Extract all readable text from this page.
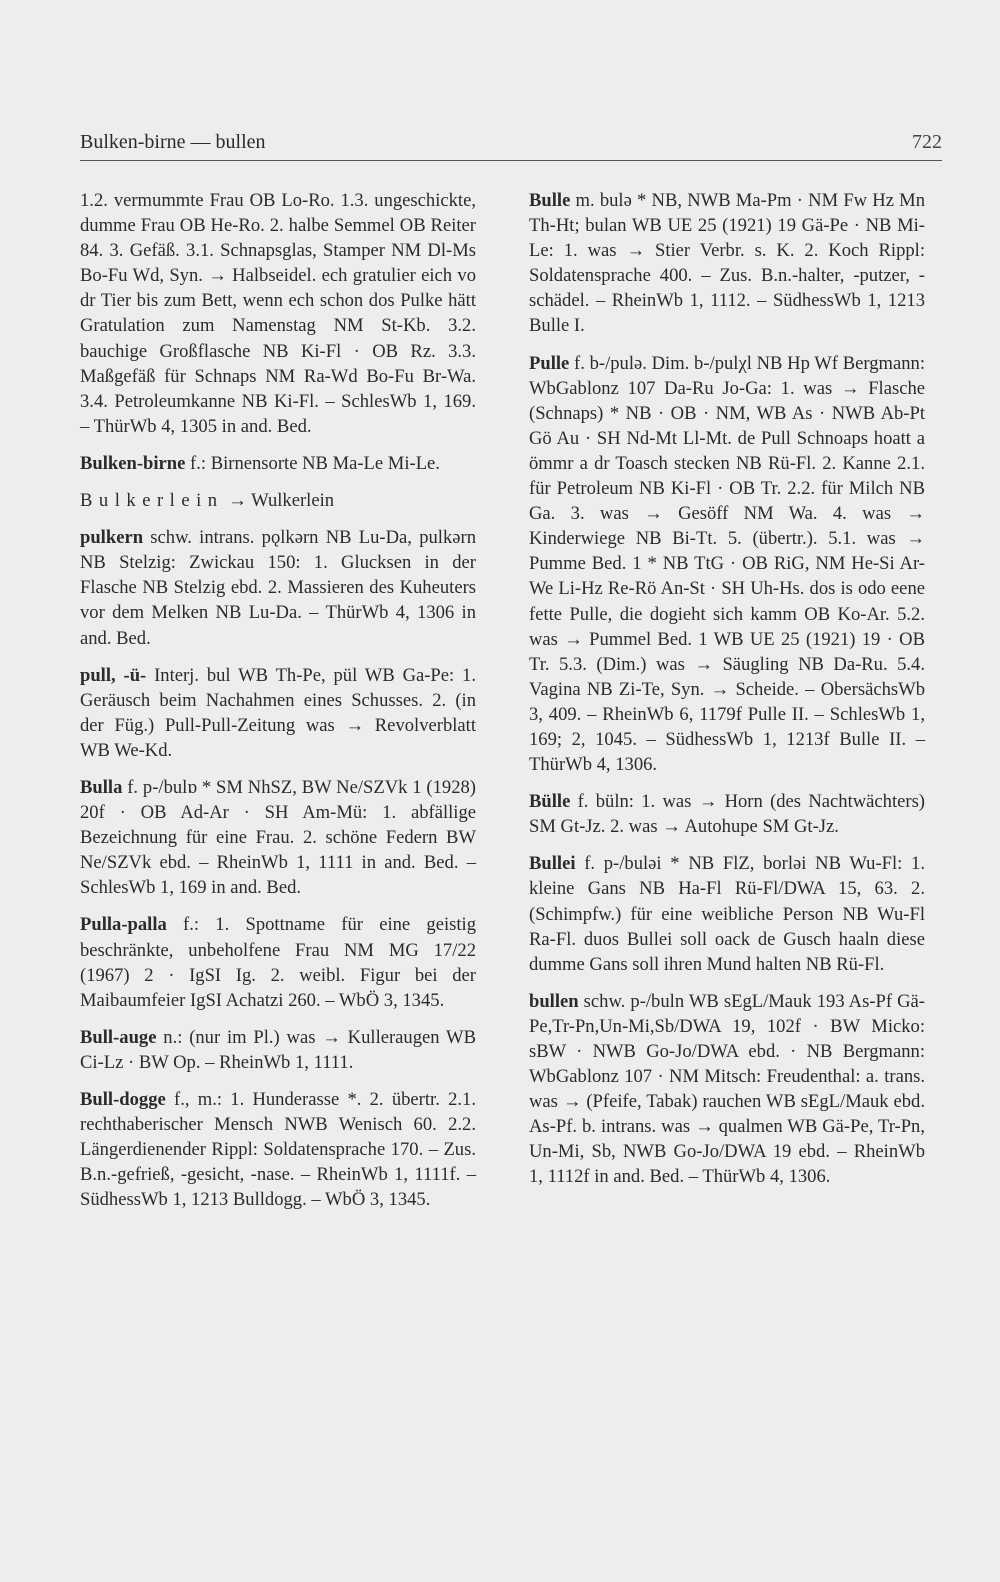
Bulken-birne — bullen	722

1.2. vermummte Frau OB Lo-Ro. 1.3. ungeschickte, dumme Frau OB He-Ro. 2. halbe Semmel OB Reiter 84. 3. Gefäß. 3.1. Schnapsglas, Stamper NM Dl-Ms Bo-Fu Wd, Syn. → Halbseidel. ech gratulier eich vo dr Tier bis zum Bett, wenn ech schon dos Pulke hätt Gratulation zum Namenstag NM St-Kb. 3.2. bauchige Großflasche NB Ki-Fl · OB Rz. 3.3. Maßgefäß für Schnaps NM Ra-Wd Bo-Fu Br-Wa. 3.4. Petroleumkanne NB Ki-Fl. – SchlesWb 1, 169. – ThürWb 4, 1305 in and. Bed.

Bulken-birne f.: Birnensorte NB Ma-Le Mi-Le.

Bulkerlein → Wulkerlein

pulkern schw. intrans. pǫlkərn NB Lu-Da, pulkərn NB Stelzig: Zwickau 150: 1. Glucksen in der Flasche NB Stelzig ebd. 2. Massieren des Kuheuters vor dem Melken NB Lu-Da. – ThürWb 4, 1306 in and. Bed.

pull, -ü- Interj. bul WB Th-Pe, pül WB Ga-Pe: 1. Geräusch beim Nachahmen eines Schusses. 2. (in der Füg.) Pull-Pull-Zeitung was → Revolverblatt WB We-Kd.

Bulla f. p-/bulɒ * SM NhSZ, BW Ne/SZVk 1 (1928) 20f · OB Ad-Ar · SH Am-Mü: 1. abfällige Bezeichnung für eine Frau. 2. schöne Federn BW Ne/SZVk ebd. – RheinWb 1, 1111 in and. Bed. – SchlesWb 1, 169 in and. Bed.

Pulla-palla f.: 1. Spottname für eine geistig beschränkte, unbeholfene Frau NM MG 17/22 (1967) 2 · IgSI Ig. 2. weibl. Figur bei der Maibaumfeier IgSI Achatzi 260. – WbÖ 3, 1345.

Bull-auge n.: (nur im Pl.) was → Kulleraugen WB Ci-Lz · BW Op. – RheinWb 1, 1111.

Bull-dogge f., m.: 1. Hunderasse *. 2. übertr. 2.1. rechthaberischer Mensch NWB Wenisch 60. 2.2. Längerdienender Rippl: Soldatensprache 170. – Zus. B.n.-gefrieß, -gesicht, -nase. – RheinWb 1, 1111f. – SüdhessWb 1, 1213 Bulldogg. – WbÖ 3, 1345.

Bulle m. bulə * NB, NWB Ma-Pm · NM Fw Hz Mn Th-Ht; bulan WB UE 25 (1921) 19 Gä-Pe · NB Mi-Le: 1. was → Stier Verbr. s. K. 2. Koch Rippl: Soldatensprache 400. – Zus. B.n.-halter, -putzer, -schädel. – RheinWb 1, 1112. – SüdhessWb 1, 1213 Bulle I.

Pulle f. b-/pulə. Dim. b-/pulχl NB Hp Wf Bergmann: WbGablonz 107 Da-Ru Jo-Ga: 1. was → Flasche (Schnaps) * NB · OB · NM, WB As · NWB Ab-Pt Gö Au · SH Nd-Mt Ll-Mt. de Pull Schnoaps hoatt a ömmr a dr Toasch stecken NB Rü-Fl. 2. Kanne 2.1. für Petroleum NB Ki-Fl · OB Tr. 2.2. für Milch NB Ga. 3. was → Gesöff NM Wa. 4. was → Kinderwiege NB Bi-Tt. 5. (übertr.). 5.1. was → Pumme Bed. 1 * NB TtG · OB RiG, NM He-Si Ar-We Li-Hz Re-Rö An-St · SH Uh-Hs. dos is odo eene fette Pulle, die dogieht sich kamm OB Ko-Ar. 5.2. was → Pummel Bed. 1 WB UE 25 (1921) 19 · OB Tr. 5.3. (Dim.) was → Säugling NB Da-Ru. 5.4. Vagina NB Zi-Te, Syn. → Scheide. – ObersächsWb 3, 409. – RheinWb 6, 1179f Pulle II. – SchlesWb 1, 169; 2, 1045. – SüdhessWb 1, 1213f Bulle II. – ThürWb 4, 1306.

Bülle f. büln: 1. was → Horn (des Nachtwächters) SM Gt-Jz. 2. was → Autohupe SM Gt-Jz.

Bullei f. p-/bulǝi * NB FlZ, borlǝi NB Wu-Fl: 1. kleine Gans NB Ha-Fl Rü-Fl/DWA 15, 63. 2. (Schimpfw.) für eine weibliche Person NB Wu-Fl Ra-Fl. duos Bullei soll oack de Gusch haaln diese dumme Gans soll ihren Mund halten NB Rü-Fl.

bullen schw. p-/buln WB sEgL/Mauk 193 As-Pf Gä-Pe,Tr-Pn,Un-Mi,Sb/DWA 19, 102f · BW Micko: sBW · NWB Go-Jo/DWA ebd. · NB Bergmann: WbGablonz 107 · NM Mitsch: Freudenthal: a. trans. was → (Pfeife, Tabak) rauchen WB sEgL/Mauk ebd. As-Pf. b. intrans. was → qualmen WB Gä-Pe, Tr-Pn, Un-Mi, Sb, NWB Go-Jo/DWA 19 ebd. – RheinWb 1, 1112f in and. Bed. – ThürWb 4, 1306.
